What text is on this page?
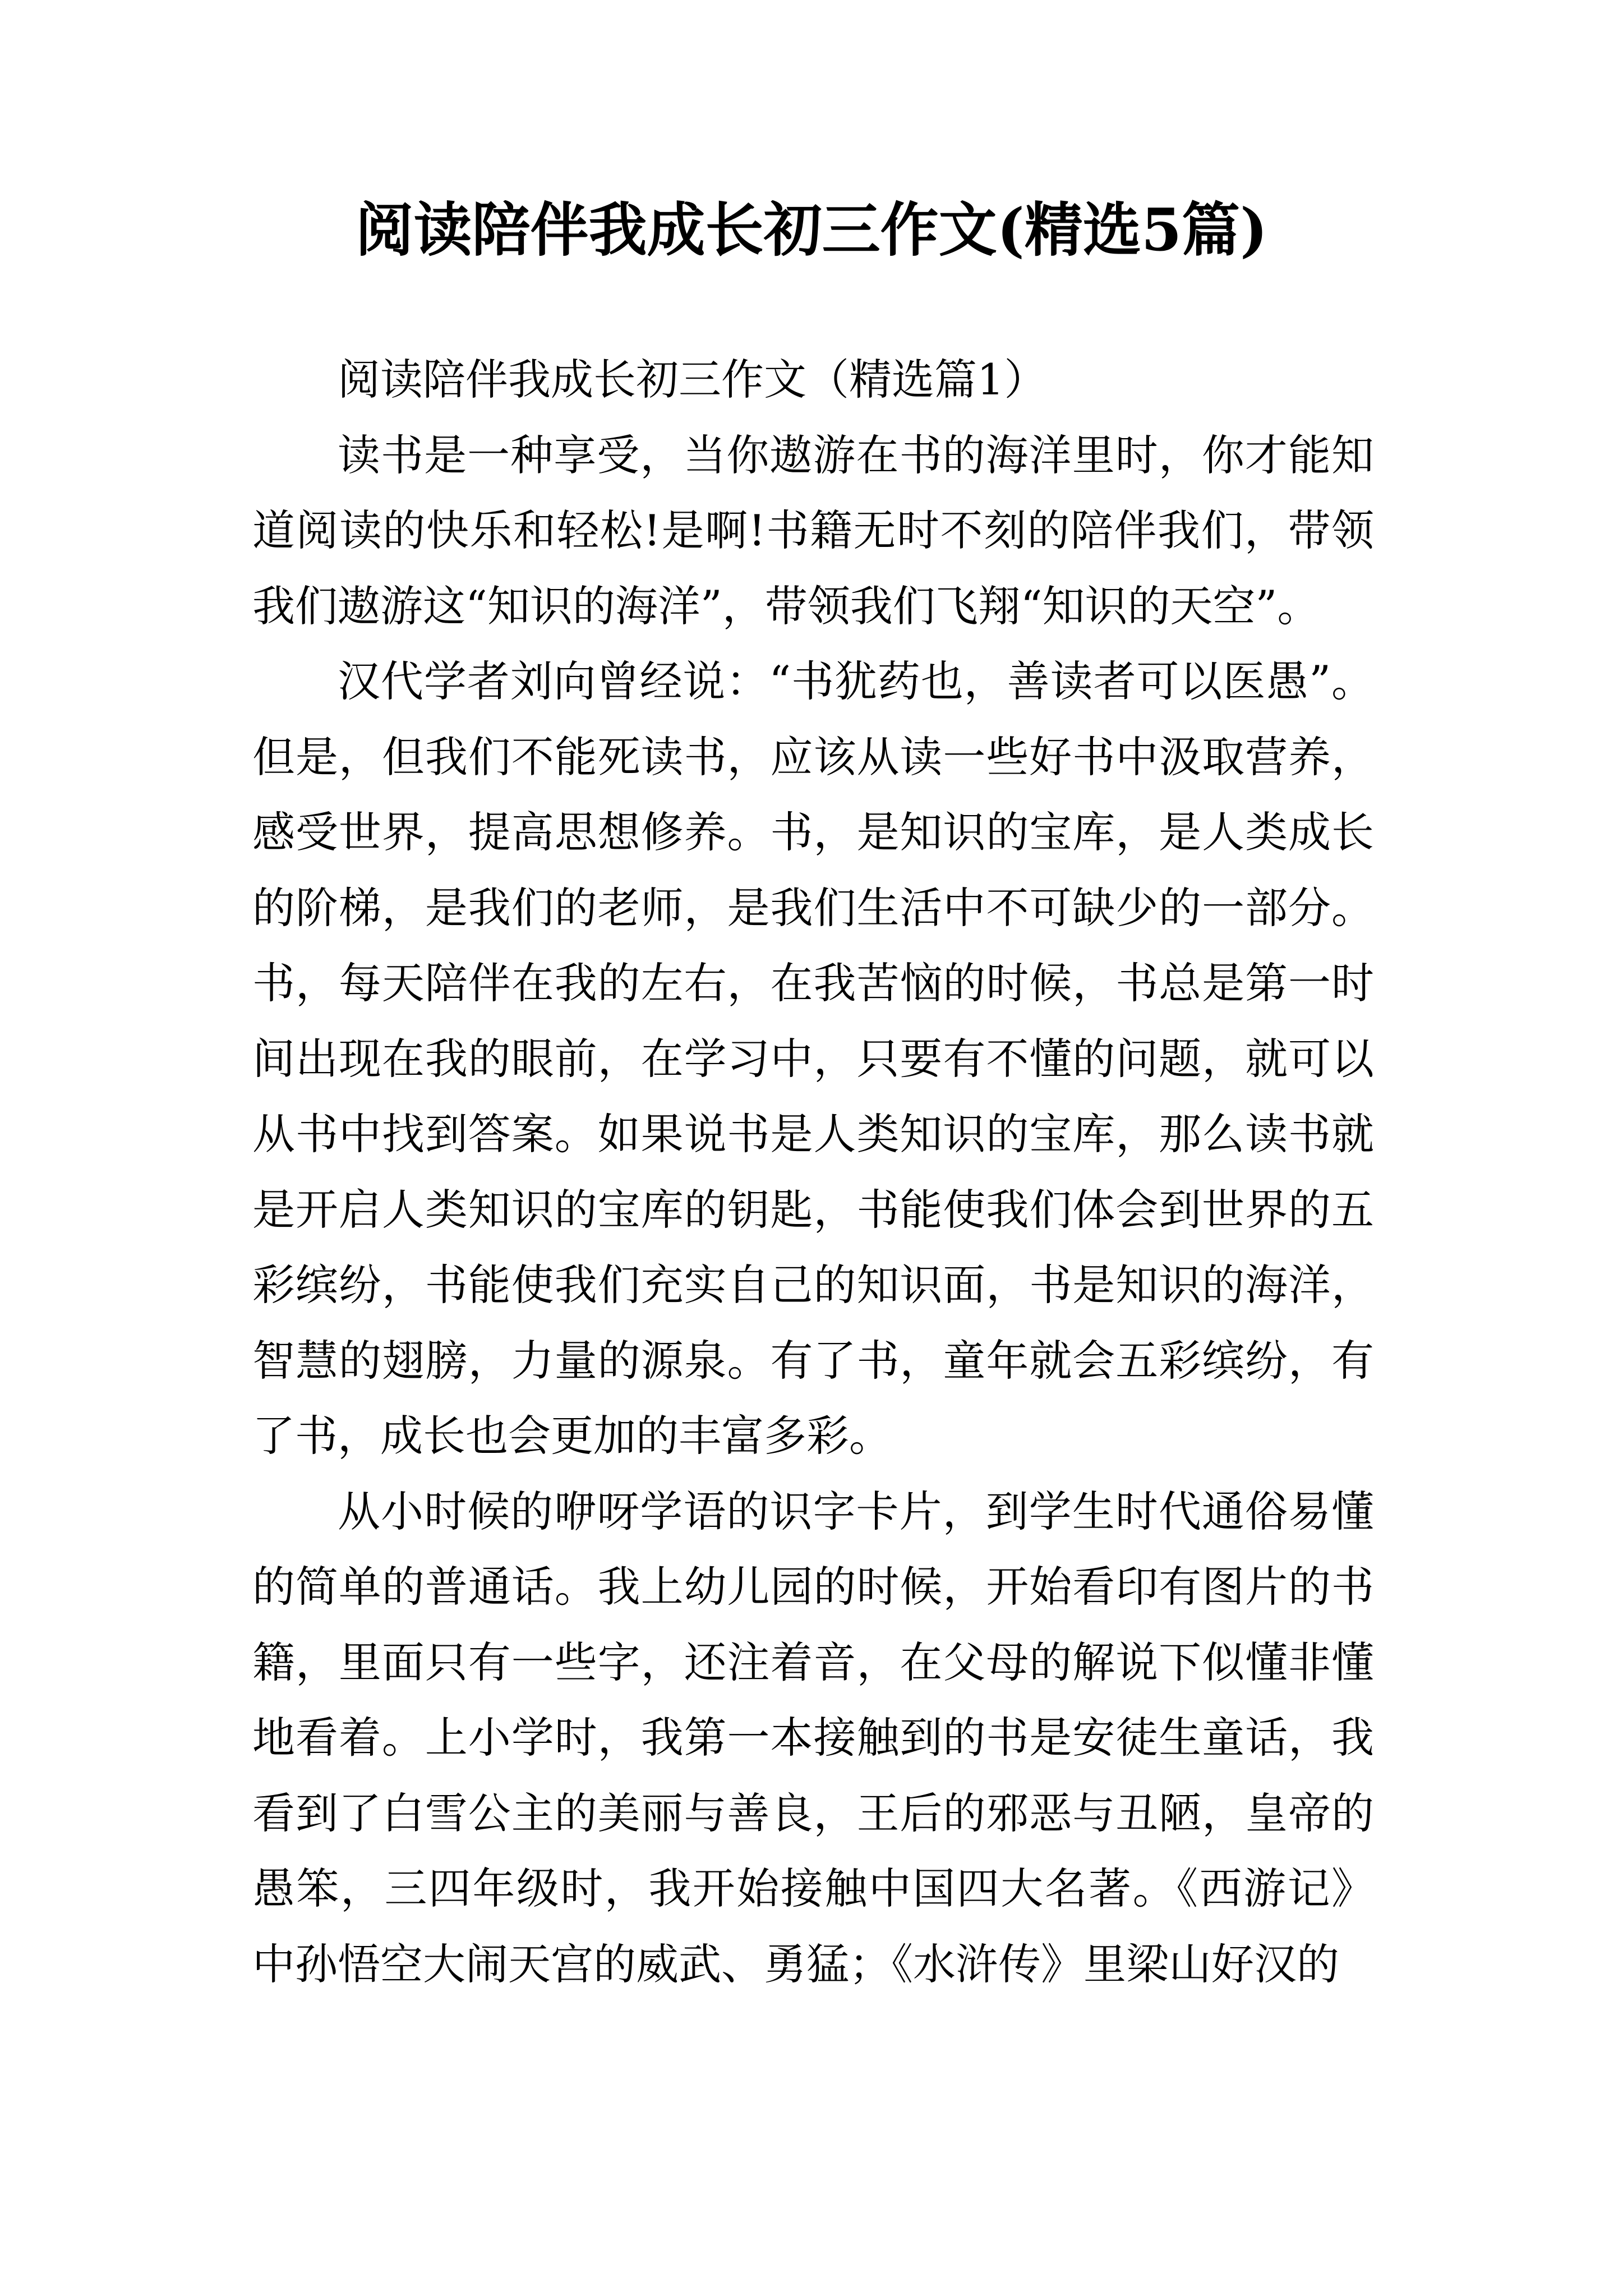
阅读陪伴我成长初三作文(精选5篇)

阅读陪伴我成长初三作文（精选篇1）

读书是一种享受，当你遨游在书的海洋里时，你才能知道阅读的快乐和轻松!是啊!书籍无时不刻的陪伴我们，带领我们遨游这“知识的海洋”，带领我们飞翔“知识的天空”。

汉代学者刘向曾经说：“书犹药也，善读者可以医愚”。但是，但我们不能死读书，应该从读一些好书中汲取营养，感受世界，提高思想修养。书，是知识的宝库，是人类成长的阶梯，是我们的老师，是我们生活中不可缺少的一部分。书，每天陪伴在我的左右，在我苦恼的时候，书总是第一时间出现在我的眼前，在学习中，只要有不懂的问题，就可以从书中找到答案。如果说书是人类知识的宝库，那么读书就是开启人类知识的宝库的钥匙，书能使我们体会到世界的五彩缤纷，书能使我们充实自己的知识面，书是知识的海洋，智慧的翅膀，力量的源泉。有了书，童年就会五彩缤纷，有了书，成长也会更加的丰富多彩。

从小时候的咿呀学语的识字卡片，到学生时代通俗易懂的简单的普通话。我上幼儿园的时候，开始看印有图片的书籍，里面只有一些字，还注着音，在父母的解说下似懂非懂地看着。上小学时，我第一本接触到的书是安徒生童话，我看到了白雪公主的美丽与善良，王后的邪恶与丑陋，皇帝的愚笨，三四年级时，我开始接触中国四大名著。《西游记》中孙悟空大闹天宫的威武、勇猛；《水浒传》里梁山好汉的
